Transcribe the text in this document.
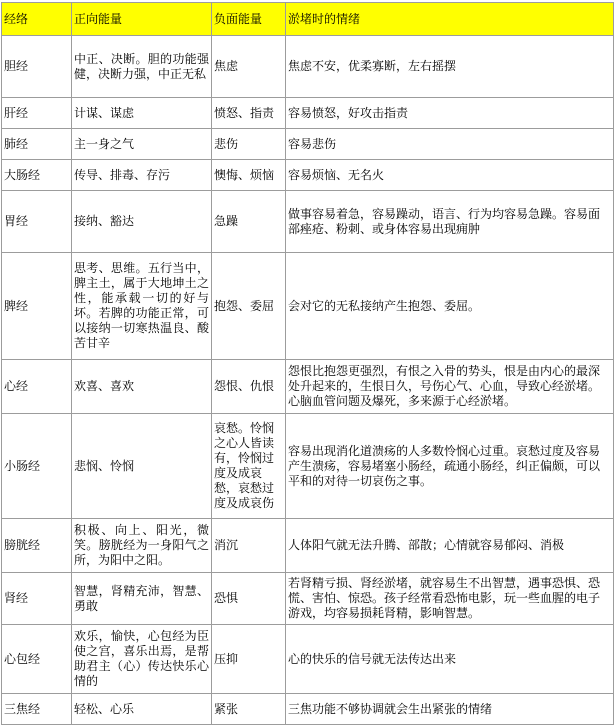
经络	正向能量	负面能量	淤堵时的情绪
胆经	中正、决断。胆的功能强健，决断力强，中正无私	焦虑	焦虑不安，优柔寡断，左右摇摆
肝经	计谋、谋虑	愤怒、指责	容易愤怒，好攻击指责
肺经	主一身之气	悲伤	容易悲伤
大肠经	传导、排毒、存污	懊悔、烦恼	容易烦恼、无名火
胃经	接纳、豁达	急躁	做事容易着急，容易躁动，语言、行为均容易急躁。容易面部痤疮、粉刺、或身体容易出现痈肿
脾经	思考、思维。五行当中，脾主土，属于大地坤土之性，能承载一切的好与坏。若脾的功能正常，可以接纳一切寒热温良、酸苦甘辛	抱怨、委屈	会对它的无私接纳产生抱怨、委屈。
心经	欢喜、喜欢	怨恨、仇恨	怨恨比抱怨更强烈，有恨之入骨的势头，恨是由内心的最深处升起来的，生恨日久，号伤心气、心血，导致心经淤堵。心脑血管问题及爆死，多来源于心经淤堵。
小肠经	悲悯、怜悯	哀愁。怜悯之心人皆读有，怜悯过度及成哀愁，哀愁过度及成哀伤	容易出现消化道溃疡的人多数怜悯心过重。哀愁过度及容易产生溃疡，容易堵塞小肠经，疏通小肠经，纠正偏颇，可以平和的对待一切哀伤之事。
膀胱经	积极、向上、阳光，微笑。膀胱经为一身阳气之所，为阳中之阳。	消沉	人体阳气就无法升腾、部散；心情就容易郁闷、消极
肾经	智慧，肾精充沛，智慧、勇敢	恐惧	若肾精亏损、肾经淤堵，就容易生不出智慧，遇事恐惧、恐慌、害怕、惊恐。孩子经常看恐怖电影，玩一些血腥的电子游戏，均容易损耗肾精，影响智慧。
心包经	欢乐，愉快，心包经为臣使之宫，喜乐出焉，是帮助君主（心）传达快乐心情的	压抑	心的快乐的信号就无法传达出来
三焦经	轻松、心乐	紧张	三焦功能不够协调就会生出紧张的情绪
